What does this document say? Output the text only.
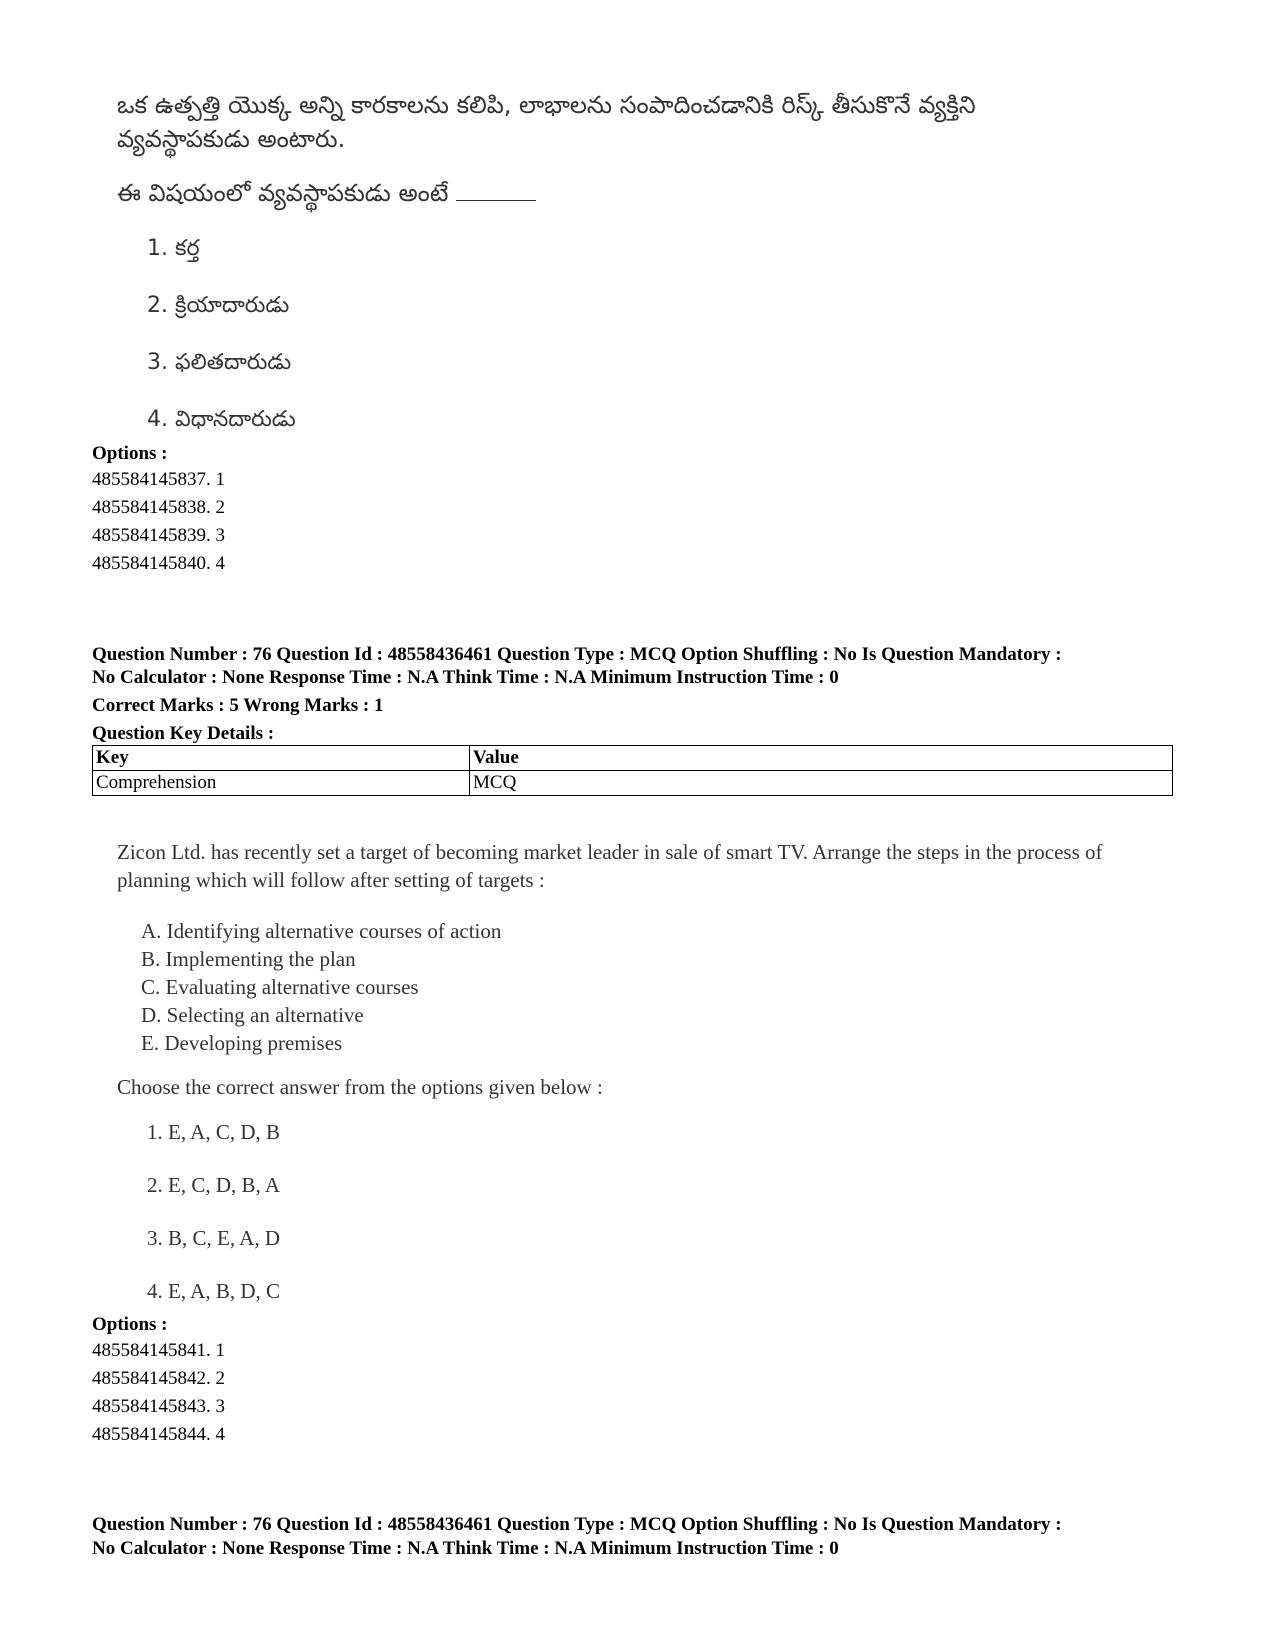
ఒక ఉత్పత్తి యొక్క అన్ని కారకాలను కలిపి, లాభాలను సంపాదించడానికి రిస్క్ తీసుకొనే వ్యక్తిని వ్యవస్థాపకుడు అంటారు.
ఈ విషయంలో వ్యవస్థాపకుడు అంటే
1. కర్త
2. క్రియాదారుడు
3. ఫలితదారుడు
4. విధానదారుడు
Options :
485584145837. 1
485584145838. 2
485584145839. 3
485584145840. 4
Question Number : 76 Question Id : 48558436461 Question Type : MCQ Option Shuffling : No Is Question Mandatory :
No Calculator : None Response Time : N.A Think Time : N.A Minimum Instruction Time : 0
Correct Marks : 5 Wrong Marks : 1
Question Key Details :
Key	Value
Comprehension	MCQ
Zicon Ltd. has recently set a target of becoming market leader in sale of smart TV. Arrange the steps in the process of planning which will follow after setting of targets :
A. Identifying alternative courses of action
B. Implementing the plan
C. Evaluating alternative courses
D. Selecting an alternative
E. Developing premises
Choose the correct answer from the options given below :
1. E, A, C, D, B
2. E, C, D, B, A
3. B, C, E, A, D
4. E, A, B, D, C
Options :
485584145841. 1
485584145842. 2
485584145843. 3
485584145844. 4
Question Number : 76 Question Id : 48558436461 Question Type : MCQ Option Shuffling : No Is Question Mandatory :
No Calculator : None Response Time : N.A Think Time : N.A Minimum Instruction Time : 0
